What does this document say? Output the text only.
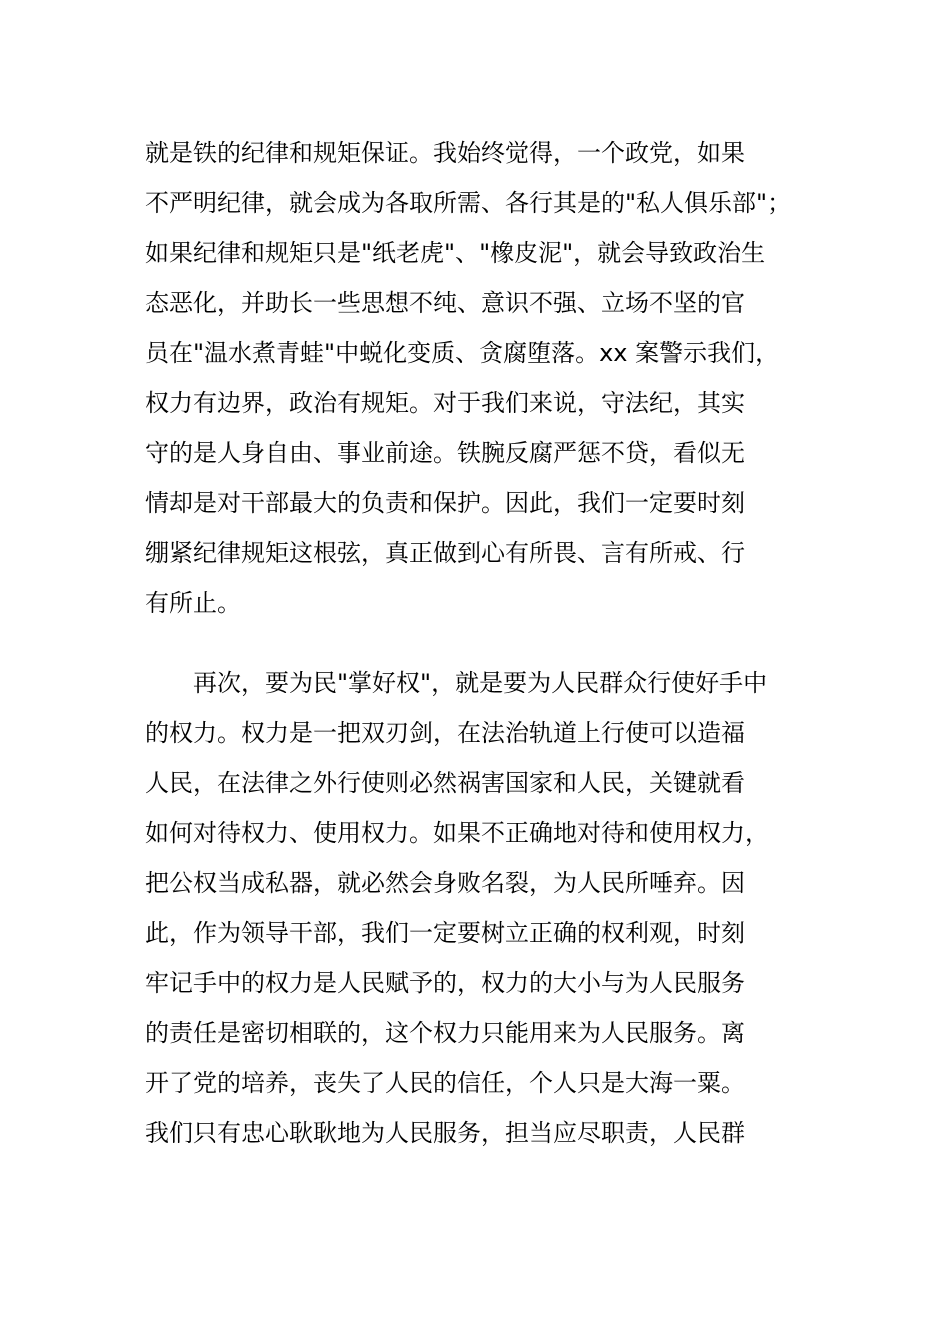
就是铁的纪律和规矩保证。我始终觉得，一个政党，如果
不严明纪律，就会成为各取所需、各行其是的"私人俱乐部"；
如果纪律和规矩只是"纸老虎"、"橡皮泥"，就会导致政治生
态恶化，并助长一些思想不纯、意识不强、立场不坚的官
员在"温水煮青蛙"中蜕化变质、贪腐堕落。xx 案警示我们，
权力有边界，政治有规矩。对于我们来说，守法纪，其实
守的是人身自由、事业前途。铁腕反腐严惩不贷，看似无
情却是对干部最大的负责和保护。因此，我们一定要时刻
绷紧纪律规矩这根弦，真正做到心有所畏、言有所戒、行
有所止。
再次，要为民"掌好权"，就是要为人民群众行使好手中
的权力。权力是一把双刃剑，在法治轨道上行使可以造福
人民，在法律之外行使则必然祸害国家和人民，关键就看
如何对待权力、使用权力。如果不正确地对待和使用权力，
把公权当成私器，就必然会身败名裂，为人民所唾弃。因
此，作为领导干部，我们一定要树立正确的权利观，时刻
牢记手中的权力是人民赋予的，权力的大小与为人民服务
的责任是密切相联的，这个权力只能用来为人民服务。离
开了党的培养，丧失了人民的信任，个人只是大海一粟。
我们只有忠心耿耿地为人民服务，担当应尽职责，人民群
